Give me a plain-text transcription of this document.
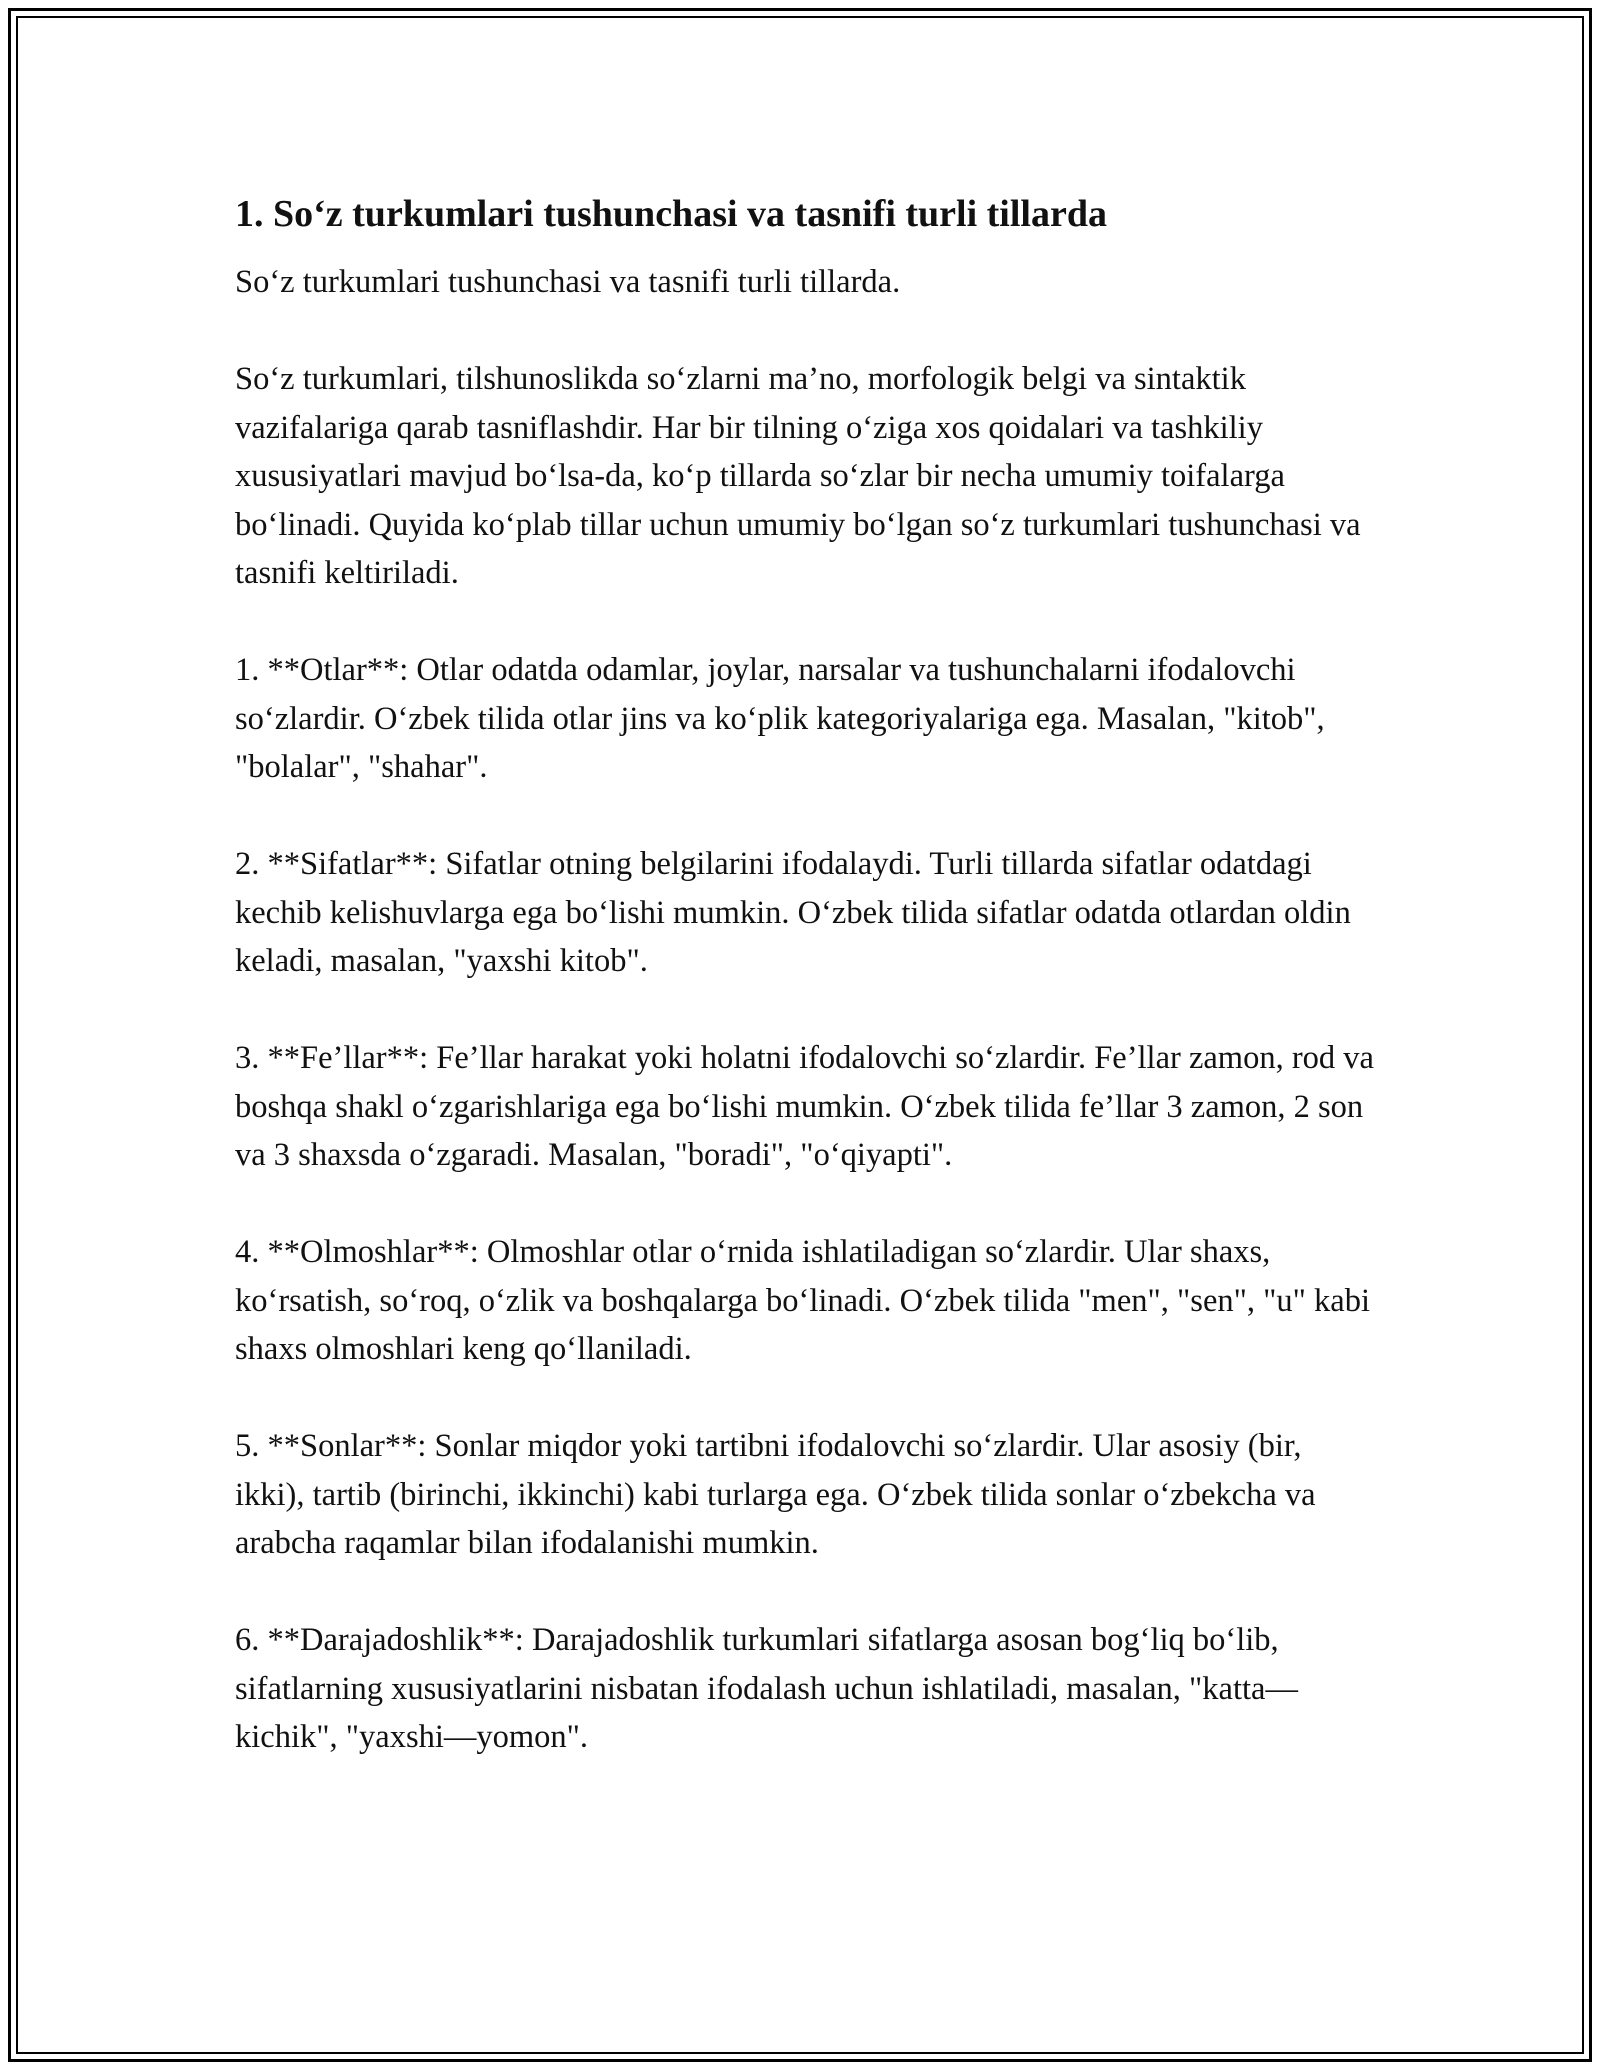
1. So‘z turkumlari tushunchasi va tasnifi turli tillarda

So‘z turkumlari tushunchasi va tasnifi turli tillarda.

So‘z turkumlari, tilshunoslikda so‘zlarni ma’no, morfologik belgi va sintaktik vazifalariga qarab tasniflashdir. Har bir tilning o‘ziga xos qoidalari va tashkiliy xususiyatlari mavjud bo‘lsa-da, ko‘p tillarda so‘zlar bir necha umumiy toifalarga bo‘linadi. Quyida ko‘plab tillar uchun umumiy bo‘lgan so‘z turkumlari tushunchasi va tasnifi keltiriladi.

1. **Otlar**: Otlar odatda odamlar, joylar, narsalar va tushunchalarni ifodalovchi so‘zlardir. O‘zbek tilida otlar jins va ko‘plik kategoriyalariga ega. Masalan, "kitob", "bolalar", "shahar".

2. **Sifatlar**: Sifatlar otning belgilarini ifodalaydi. Turli tillarda sifatlar odatdagi kechib kelishuvlarga ega bo‘lishi mumkin. O‘zbek tilida sifatlar odatda otlardan oldin keladi, masalan, "yaxshi kitob".

3. **Fe’llar**: Fe’llar harakat yoki holatni ifodalovchi so‘zlardir. Fe’llar zamon, rod va boshqa shakl o‘zgarishlariga ega bo‘lishi mumkin. O‘zbek tilida fe’llar 3 zamon, 2 son va 3 shaxsda o‘zgaradi. Masalan, "boradi", "o‘qiyapti".

4. **Olmoshlar**: Olmoshlar otlar o‘rnida ishlatiladigan so‘zlardir. Ular shaxs, ko‘rsatish, so‘roq, o‘zlik va boshqalarga bo‘linadi. O‘zbek tilida "men", "sen", "u" kabi shaxs olmoshlari keng qo‘llaniladi.

5. **Sonlar**: Sonlar miqdor yoki tartibni ifodalovchi so‘zlardir. Ular asosiy (bir, ikki), tartib (birinchi, ikkinchi) kabi turlarga ega. O‘zbek tilida sonlar o‘zbekcha va arabcha raqamlar bilan ifodalanishi mumkin.

6. **Darajadoshlik**: Darajadoshlik turkumlari sifatlarga asosan bog‘liq bo‘lib, sifatlarning xususiyatlarini nisbatan ifodalash uchun ishlatiladi, masalan, "katta—kichik", "yaxshi—yomon".
